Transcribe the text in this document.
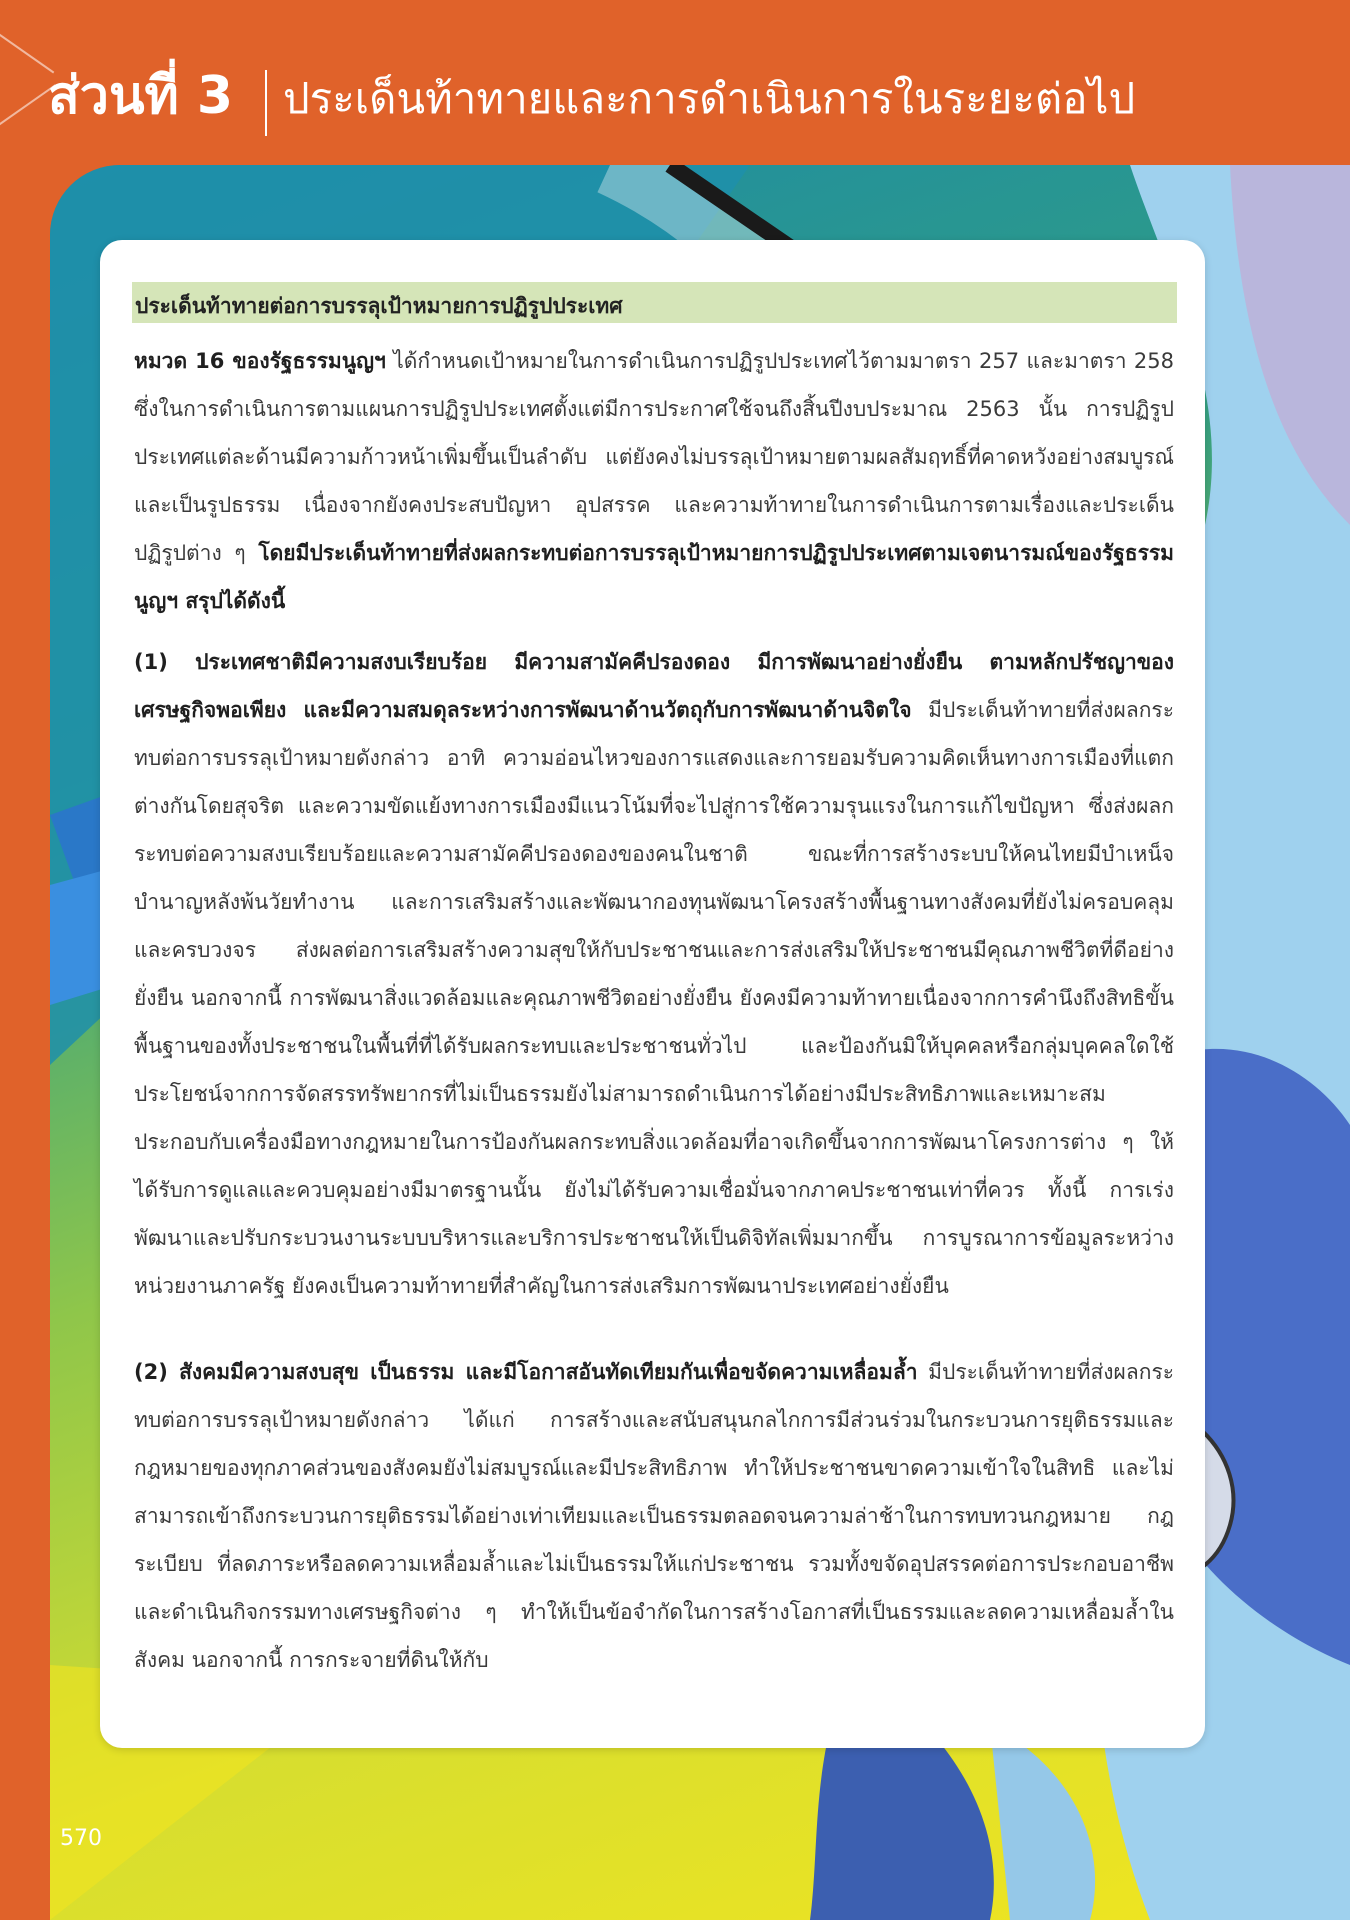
ส่วนที่ 3 ประเด็นท้าทายและการดำเนินการในระยะต่อไป
ประเด็นท้าทายต่อการบรรลุเป้าหมายการปฏิรูปประเทศ

หมวด 16 ของรัฐธรรมนูญฯ ได้กำหนดเป้าหมายในการดำเนินการปฏิรูปประเทศไว้ตามมาตรา 257 และมาตรา 258 ซึ่งในการดำเนินการตามแผนการปฏิรูปประเทศตั้งแต่มีการประกาศใช้จนถึงสิ้นปีงบประมาณ 2563 นั้น การปฏิรูปประเทศแต่ละด้านมีความก้าวหน้าเพิ่มขึ้นเป็นลำดับ แต่ยังคงไม่บรรลุเป้าหมายตามผลสัมฤทธิ์ที่คาดหวังอย่างสมบูรณ์และเป็นรูปธรรม เนื่องจากยังคงประสบปัญหา อุปสรรค และความท้าทายในการดำเนินการตามเรื่องและประเด็นปฏิรูปต่าง ๆ โดยมีประเด็นท้าทายที่ส่งผลกระทบต่อการบรรลุเป้าหมายการปฏิรูปประเทศตามเจตนารมณ์ของรัฐธรรมนูญฯ สรุปได้ดังนี้

(1) ประเทศชาติมีความสงบเรียบร้อย มีความสามัคคีปรองดอง มีการพัฒนาอย่างยั่งยืน ตามหลักปรัชญาของเศรษฐกิจพอเพียง และมีความสมดุลระหว่างการพัฒนาด้านวัตถุกับการพัฒนาด้านจิตใจ มีประเด็นท้าทายที่ส่งผลกระทบต่อการบรรลุเป้าหมายดังกล่าว อาทิ ความอ่อนไหวของการแสดงและการยอมรับความคิดเห็นทางการเมืองที่แตกต่างกันโดยสุจริต และความขัดแย้งทางการเมืองมีแนวโน้มที่จะไปสู่การใช้ความรุนแรงในการแก้ไขปัญหา ซึ่งส่งผลกระทบต่อความสงบเรียบร้อยและความสามัคคีปรองดองของคนในชาติ ขณะที่การสร้างระบบให้คนไทยมีบำเหน็จบำนาญหลังพ้นวัยทำงาน และการเสริมสร้างและพัฒนากองทุนพัฒนาโครงสร้างพื้นฐานทางสังคมที่ยังไม่ครอบคลุมและครบวงจร ส่งผลต่อการเสริมสร้างความสุขให้กับประชาชนและการส่งเสริมให้ประชาชนมีคุณภาพชีวิตที่ดีอย่างยั่งยืน นอกจากนี้ การพัฒนาสิ่งแวดล้อมและคุณภาพชีวิตอย่างยั่งยืน ยังคงมีความท้าทายเนื่องจากการคำนึงถึงสิทธิขั้นพื้นฐานของทั้งประชาชนในพื้นที่ที่ได้รับผลกระทบและประชาชนทั่วไป และป้องกันมิให้บุคคลหรือกลุ่มบุคคลใดใช้ประโยชน์จากการจัดสรรทรัพยากรที่ไม่เป็นธรรมยังไม่สามารถดำเนินการได้อย่างมีประสิทธิภาพและเหมาะสม ประกอบกับเครื่องมือทางกฎหมายในการป้องกันผลกระทบสิ่งแวดล้อมที่อาจเกิดขึ้นจากการพัฒนาโครงการต่าง ๆ ให้ได้รับการดูแลและควบคุมอย่างมีมาตรฐานนั้น ยังไม่ได้รับความเชื่อมั่นจากภาคประชาชนเท่าที่ควร ทั้งนี้ การเร่งพัฒนาและปรับกระบวนงานระบบบริหารและบริการประชาชนให้เป็นดิจิทัลเพิ่มมากขึ้น การบูรณาการข้อมูลระหว่างหน่วยงานภาครัฐ ยังคงเป็นความท้าทายที่สำคัญในการส่งเสริมการพัฒนาประเทศอย่างยั่งยืน

(2) สังคมมีความสงบสุข เป็นธรรม และมีโอกาสอันทัดเทียมกันเพื่อขจัดความเหลื่อมล้ำ มีประเด็นท้าทายที่ส่งผลกระทบต่อการบรรลุเป้าหมายดังกล่าว ได้แก่ การสร้างและสนับสนุนกลไกการมีส่วนร่วมในกระบวนการยุติธรรมและกฎหมายของทุกภาคส่วนของสังคมยังไม่สมบูรณ์และมีประสิทธิภาพ ทำให้ประชาชนขาดความเข้าใจในสิทธิ และไม่สามารถเข้าถึงกระบวนการยุติธรรมได้อย่างเท่าเทียมและเป็นธรรมตลอดจนความล่าช้าในการทบทวนกฎหมาย กฎระเบียบ ที่ลดภาระหรือลดความเหลื่อมล้ำและไม่เป็นธรรมให้แก่ประชาชน รวมทั้งขจัดอุปสรรคต่อการประกอบอาชีพและดำเนินกิจกรรมทางเศรษฐกิจต่าง ๆ ทำให้เป็นข้อจำกัดในการสร้างโอกาสที่เป็นธรรมและลดความเหลื่อมล้ำในสังคม นอกจากนี้ การกระจายที่ดินให้กับ

570
